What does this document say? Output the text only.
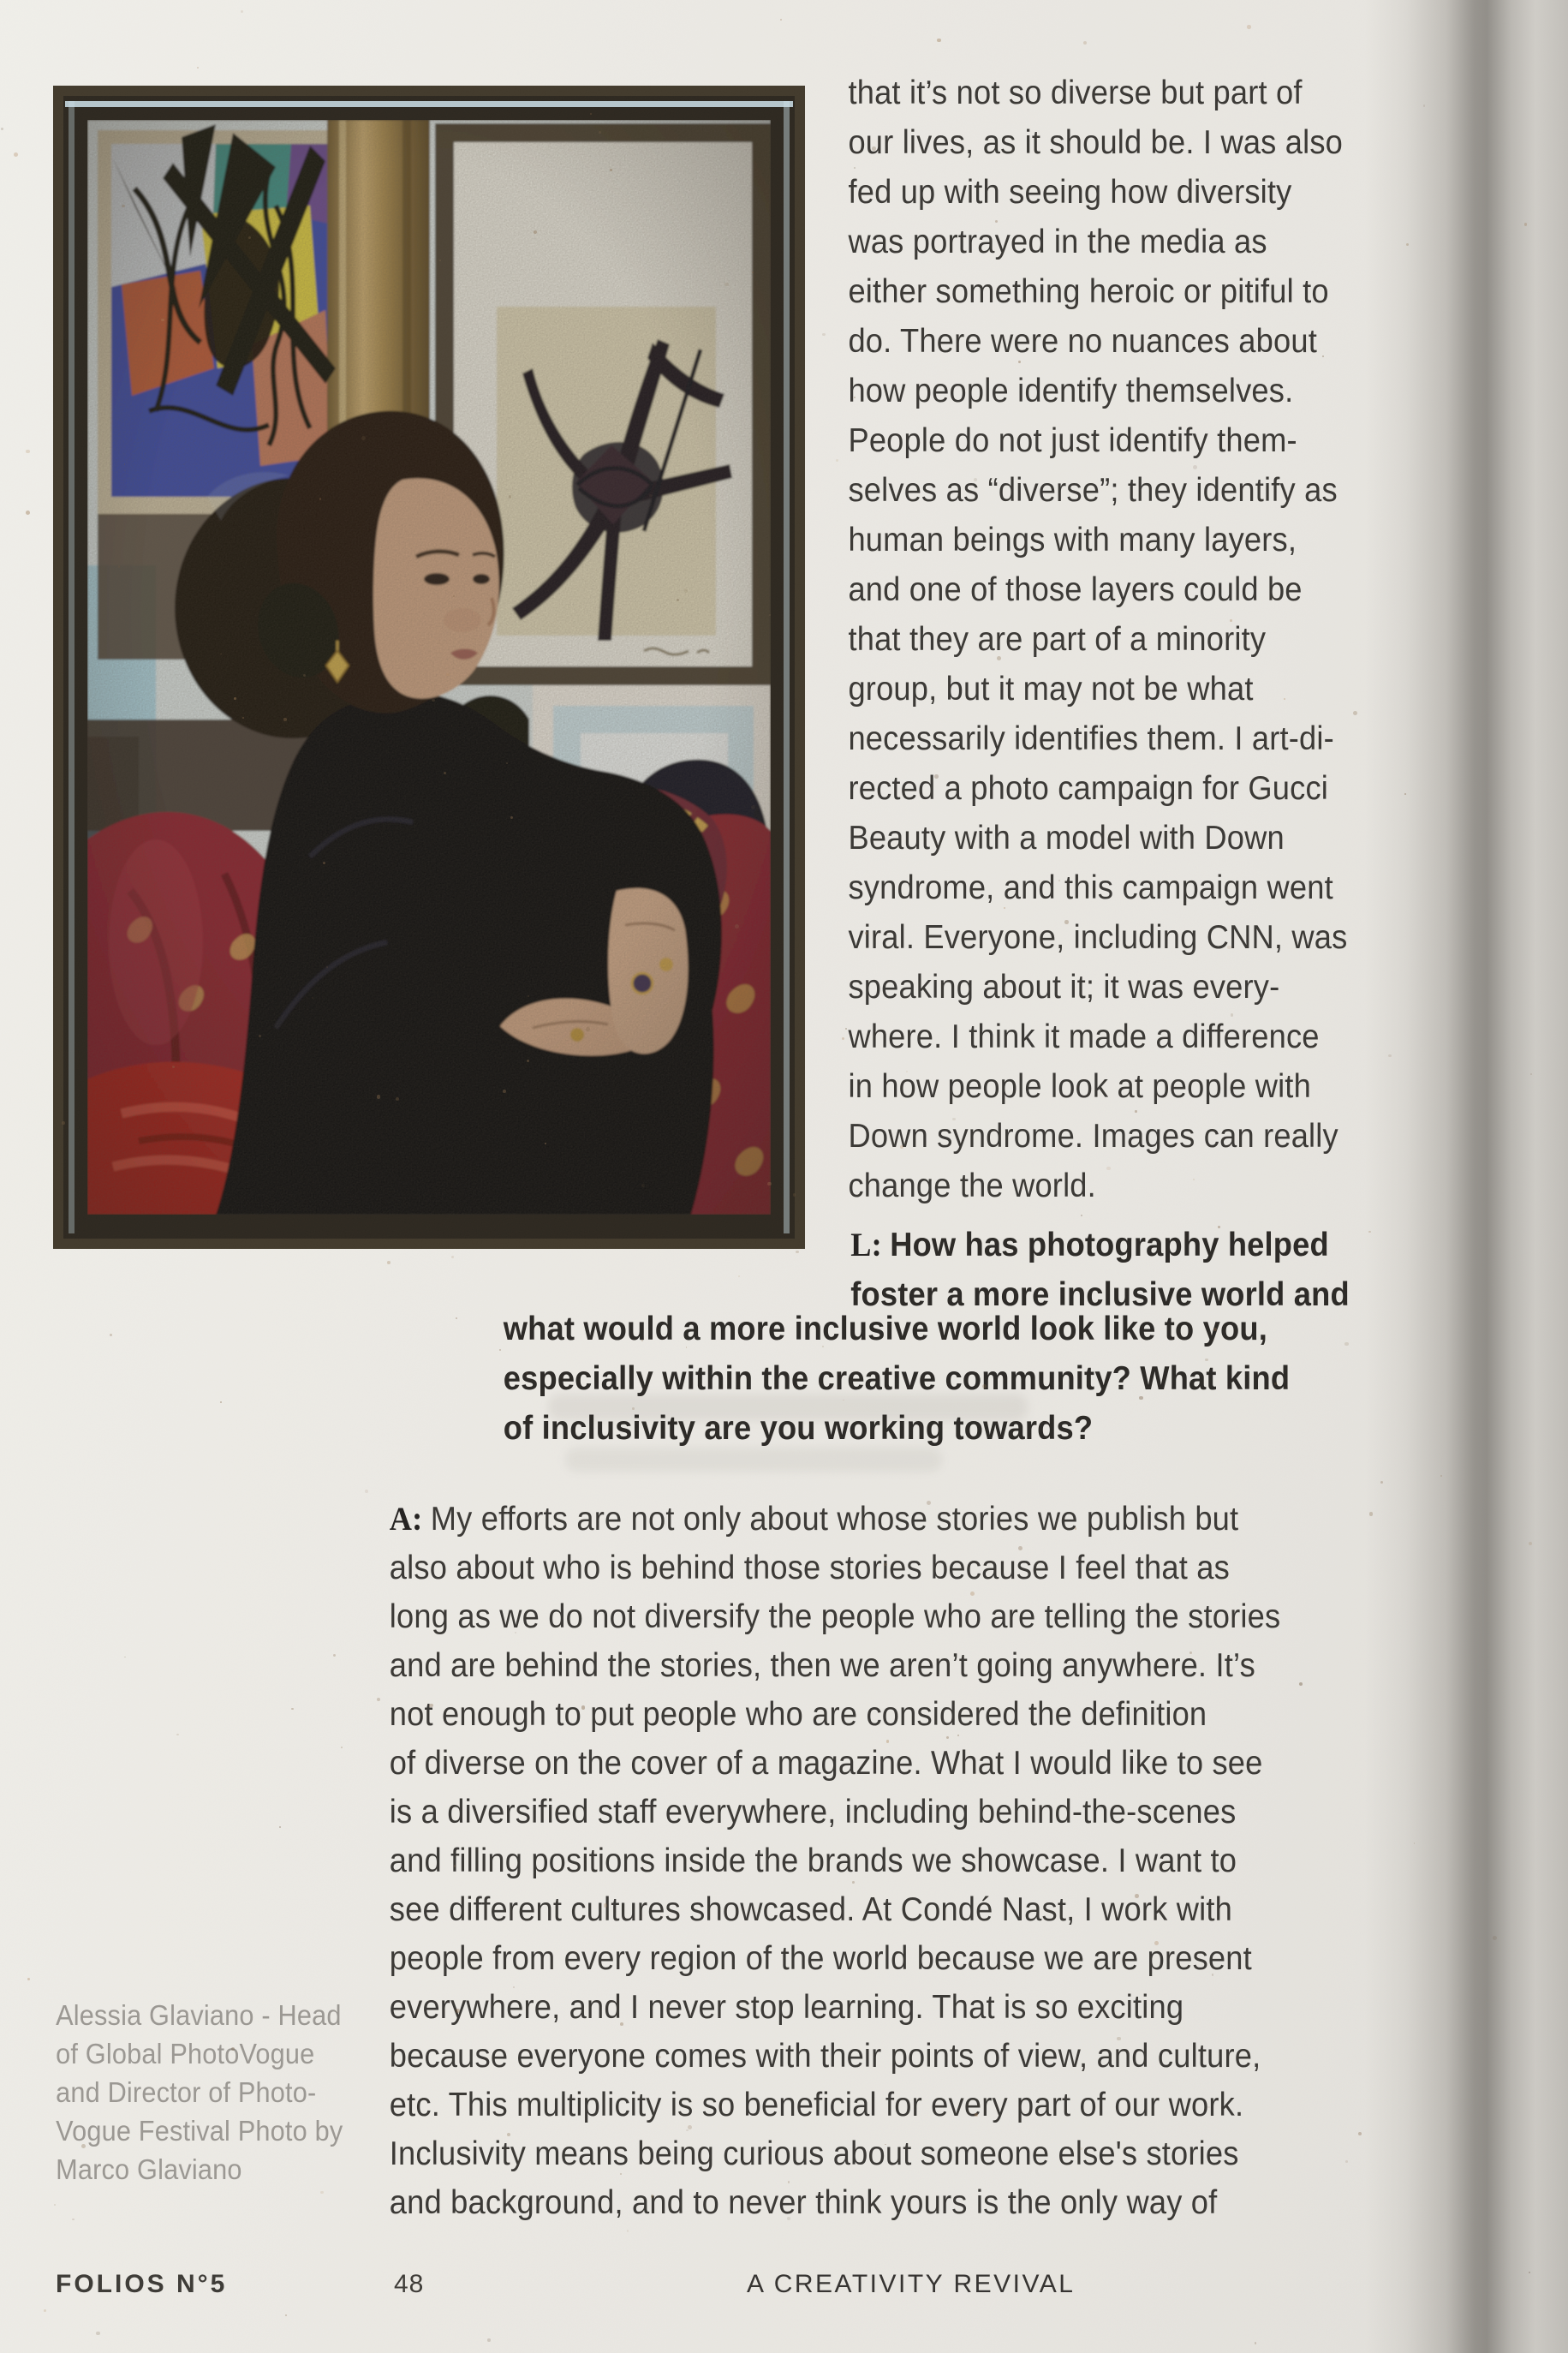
that it’s not so diverse but part of
our lives, as it should be. I was also
fed up with seeing how diversity
was portrayed in the media as
either something heroic or pitiful to
do. There were no nuances about
how people identify themselves.
People do not just identify them-
selves as “diverse”; they identify as
human beings with many layers,
and one of those layers could be
that they are part of a minority
group, but it may not be what
necessarily identifies them. I art-di-
rected a photo campaign for Gucci
Beauty with a model with Down
syndrome, and this campaign went
viral. Everyone, including CNN, was
speaking about it; it was every-
where. I think it made a difference
in how people look at people with
Down syndrome. Images can really
change the world.

L: How has photography helped
foster a more inclusive world and

what would a more inclusive world look like to you,
especially within the creative community? What kind
of inclusivity are you working towards?

A: My efforts are not only about whose stories we publish but
also about who is behind those stories because I feel that as
long as we do not diversify the people who are telling the stories
and are behind the stories, then we aren’t going anywhere. It’s
not enough to put people who are considered the definition
of diverse on the cover of a magazine. What I would like to see
is a diversified staff everywhere, including behind-the-scenes
and filling positions inside the brands we showcase. I want to
see different cultures showcased. At Condé Nast, I work with
people from every region of the world because we are present
everywhere, and I never stop learning. That is so exciting
because everyone comes with their points of view, and culture,
etc. This multiplicity is so beneficial for every part of our work.
Inclusivity means being curious about someone else's stories
and background, and to never think yours is the only way of

Alessia Glaviano - Head
of Global PhotoVogue
and Director of Photo-
Vogue Festival Photo by
Marco Glaviano

FOLIOS N°5	48	A CREATIVITY REVIVAL
